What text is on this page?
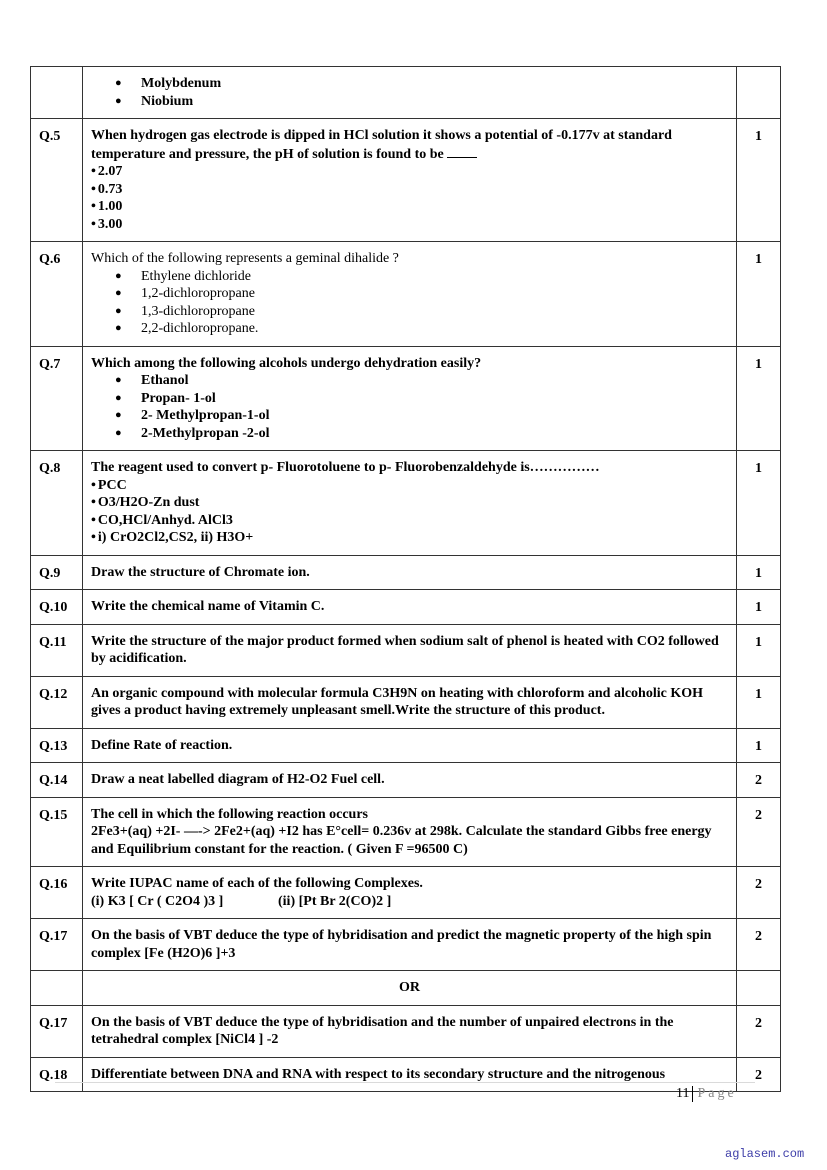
● Molybdenum
● Niobium

Q.5	When hydrogen gas electrode is dipped in HCl solution it shows a potential of -0.177v at standard temperature and pressure, the pH of solution is found to be
• 2.07
• 0.73
• 1.00
• 3.00
	1
Q.6	Which of the following represents a geminal dihalide ?
● Ethylene dichloride
● 1,2-dichloropropane
● 1,3-dichloropropane
● 2,2-dichloropropane.
	1
Q.7	Which among the following alcohols undergo dehydration easily?
● Ethanol
● Propan- 1-ol
● 2- Methylpropan-1-ol
● 2-Methylpropan -2-ol
	1
Q.8	The reagent used to convert p- Fluorotoluene to p- Fluorobenzaldehyde is……………
• PCC
• O3/H2O-Zn dust
• CO,HCl/Anhyd. AlCl3
• i) CrO2Cl2,CS2, ii) H3O+
	1
Q.9	Draw the structure of Chromate ion.	1
Q.10	Write the chemical name of Vitamin C.	1
Q.11	Write the structure of the major product formed when sodium salt of phenol is heated with CO2 followed by acidification.	1
Q.12	An organic compound with molecular formula C3H9N on heating with chloroform and alcoholic KOH gives a product having extremely unpleasant smell.Write the structure of this product.	1
Q.13	Define Rate of reaction.	1
Q.14	Draw a neat labelled diagram of H2-O2 Fuel cell.	2
Q.15	The cell in which the following reaction occurs
2Fe3+(aq) +2I- —-> 2Fe2+(aq) +I2 has E°cell= 0.236v at 298k. Calculate the standard Gibbs free energy and Equilibrium constant for the reaction. ( Given F =96500 C)	2
Q.16	Write IUPAC name of each of the following Complexes.
(i) K3 [ Cr ( C2O4 )3 ] (ii) [Pt Br 2(CO)2 ]	2
Q.17	On the basis of VBT deduce the type of hybridisation and predict the magnetic property of the high spin complex [Fe (H2O)6 ]+3	2
	OR	
Q.17	On the basis of VBT deduce the type of hybridisation and the number of unpaired electrons in the tetrahedral complex [NiCl4 ] -2	2
Q.18	Differentiate between DNA and RNA with respect to its secondary structure and the nitrogenous	2
11 Page
aglasem.com
